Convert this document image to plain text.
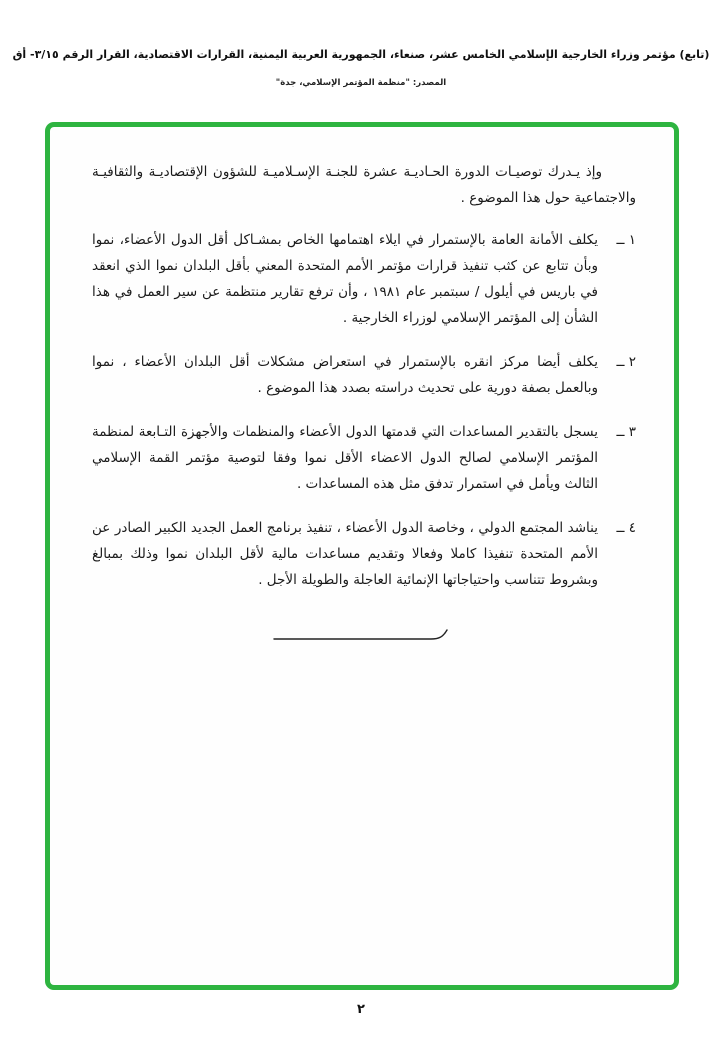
(تابع) مؤتمر وزراء الخارجية الإسلامي الخامس عشر، صنعاء، الجمهورية العربية اليمنية، القرارات الاقتصادية، القرار الرقم ٣/١٥- أق
المصدر: "منظمة المؤتمر الإسلامي، جدة"

وإذ يـدرك توصيـات الدورة الحـاديـة عشرة للجنـة الإسـلاميـة للشؤون الإقتصاديـة والثقافيـة والاجتماعية حول هذا الموضوع .

١ ــ
يكلف الأمانة العامة بالإستمرار في ايلاء اهتمامها الخاص بمشـاكل أقل الدول الأعضاء، نموا وبأن تتابع عن كثب تنفيذ قرارات مؤتمر الأمم المتحدة المعني بأقل البلدان نموا الذي انعقد في باريس في أيلول / سبتمبر عام ١٩٨١ ، وأن ترفع تقارير منتظمة عن سير العمل في هذا الشأن إلى المؤتمر الإسلامي لوزراء الخارجية .
٢ ــ
يكلف أيضا مركز انقره بالإستمرار في استعراض مشكلات أقل البلدان الأعضاء ، نموا وبالعمل بصفة دورية على تحديث دراسته بصدد هذا الموضوع .
٣ ــ
يسجل بالتقدير المساعدات التي قدمتها الدول الأعضاء والمنظمات والأجهزة التـابعة لمنظمة المؤتمر الإسلامي لصالح الدول الاعضاء الأقل نموا وفقا لتوصية مؤتمر القمة الإسلامي الثالث ويأمل في استمرار تدفق مثل هذه المساعدات .
٤ ــ
يناشد المجتمع الدولي ، وخاصة الدول الأعضاء ، تنفيذ برنامج العمل الجديد الكبير الصادر عن الأمم المتحدة تنفيذا كاملا وفعالا وتقديم مساعدات مالية لأقل البلدان نموا وذلك بمبالغ وبشروط تتناسب واحتياجاتها الإنمائية العاجلة والطويلة الأجل .
٢
